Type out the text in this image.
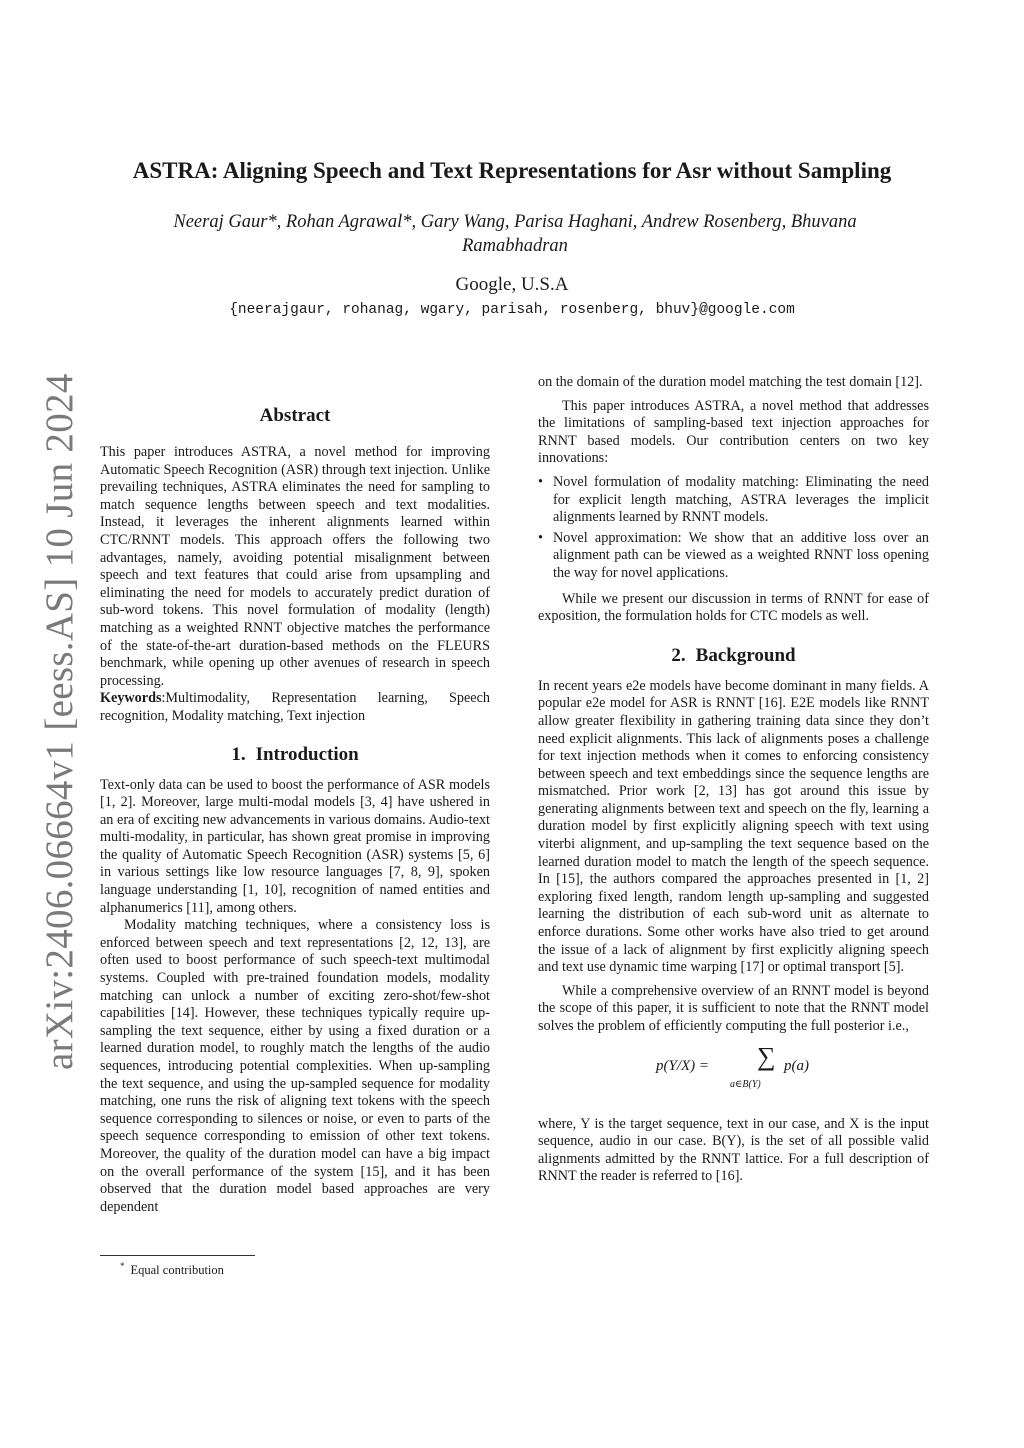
arXiv:2406.06664v1 [eess.AS] 10 Jun 2024
ASTRA: Aligning Speech and Text Representations for Asr without Sampling

Neeraj Gaur*, Rohan Agrawal*, Gary Wang, Parisa Haghani, Andrew Rosenberg, Bhuvana Ramabhadran

Google, U.S.A

{neerajgaur, rohanag, wgary, parisah, rosenberg, bhuv}@google.com

Abstract

This paper introduces ASTRA, a novel method for improving Automatic Speech Recognition (ASR) through text injection. Unlike prevailing techniques, ASTRA eliminates the need for sampling to match sequence lengths between speech and text modalities. Instead, it leverages the inherent alignments learned within CTC/RNNT models. This approach offers the following two advantages, namely, avoiding potential misalignment between speech and text features that could arise from upsampling and eliminating the need for models to accurately predict duration of sub-word tokens. This novel formulation of modality (length) matching as a weighted RNNT objective matches the performance of the state-of-the-art duration-based methods on the FLEURS benchmark, while opening up other avenues of research in speech processing.

Keywords:Multimodality, Representation learning, Speech recognition, Modality matching, Text injection

1. Introduction

Text-only data can be used to boost the performance of ASR models [1, 2]. Moreover, large multi-modal models [3, 4] have ushered in an era of exciting new advancements in various domains. Audio-text multi-modality, in particular, has shown great promise in improving the quality of Automatic Speech Recognition (ASR) systems [5, 6] in various settings like low resource languages [7, 8, 9], spoken language understanding [1, 10], recognition of named entities and alphanumerics [11], among others.

Modality matching techniques, where a consistency loss is enforced between speech and text representations [2, 12, 13], are often used to boost performance of such speech-text multimodal systems. Coupled with pre-trained foundation models, modality matching can unlock a number of exciting zero-shot/few-shot capabilities [14]. However, these techniques typically require up-sampling the text sequence, either by using a fixed duration or a learned duration model, to roughly match the lengths of the audio sequences, introducing potential complexities. When up-sampling the text sequence, and using the up-sampled sequence for modality matching, one runs the risk of aligning text tokens with the speech sequence corresponding to silences or noise, or even to parts of the speech sequence corresponding to emission of other text tokens. Moreover, the quality of the duration model can have a big impact on the overall performance of the system [15], and it has been observed that the duration model based approaches are very dependent

on the domain of the duration model matching the test domain [12].

This paper introduces ASTRA, a novel method that addresses the limitations of sampling-based text injection approaches for RNNT based models. Our contribution centers on two key innovations:

• Novel formulation of modality matching: Eliminating the need for explicit length matching, ASTRA leverages the implicit alignments learned by RNNT models.
• Novel approximation: We show that an additive loss over an alignment path can be viewed as a weighted RNNT loss opening the way for novel applications.

While we present our discussion in terms of RNNT for ease of exposition, the formulation holds for CTC models as well.

2. Background

In recent years e2e models have become dominant in many fields. A popular e2e model for ASR is RNNT [16]. E2E models like RNNT allow greater flexibility in gathering training data since they don’t need explicit alignments. This lack of alignments poses a challenge for text injection methods when it comes to enforcing consistency between speech and text embeddings since the sequence lengths are mismatched. Prior work [2, 13] has got around this issue by generating alignments between text and speech on the fly, learning a duration model by first explicitly aligning speech with text using viterbi alignment, and up-sampling the text sequence based on the learned duration model to match the length of the speech sequence. In [15], the authors compared the approaches presented in [1, 2] exploring fixed length, random length up-sampling and suggested learning the distribution of each sub-word unit as alternate to enforce durations. Some other works have also tried to get around the issue of a lack of alignment by first explicitly aligning speech and text use dynamic time warping [17] or optimal transport [5].

While a comprehensive overview of an RNNT model is beyond the scope of this paper, it is sufficient to note that the RNNT model solves the problem of efficiently computing the full posterior i.e.,

p(Y/X) = ∑
a∈B(Y)
p(a)

where, Y is the target sequence, text in our case, and X is the input sequence, audio in our case. B(Y), is the set of all possible valid alignments admitted by the RNNT lattice. For a full description of RNNT the reader is referred to [16].

* Equal contribution
